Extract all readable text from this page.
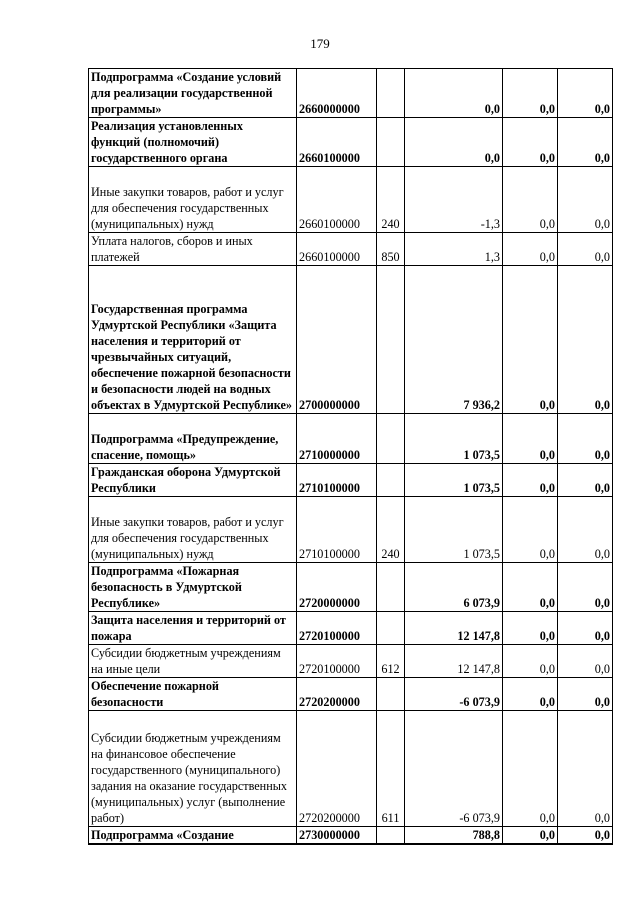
179
Подпрограмма «Создание условий для реализации государственной программы»	2660000000		0,0	0,0	0,0
Реализация установленных функций (полномочий) государственного органа	2660100000		0,0	0,0	0,0
Иные закупки товаров, работ и услуг для обеспечения государственных (муниципальных) нужд	2660100000	240	-1,3	0,0	0,0
Уплата налогов, сборов и иных платежей	2660100000	850	1,3	0,0	0,0
Государственная программа Удмуртской Республики «Защита населения и территорий от чрезвычайных ситуаций, обеспечение пожарной безопасности и безопасности людей на водных объектах в Удмуртской Республике»	2700000000		7 936,2	0,0	0,0
Подпрограмма «Предупреждение, спасение, помощь»	2710000000		1 073,5	0,0	0,0
Гражданская оборона Удмуртской Республики	2710100000		1 073,5	0,0	0,0
Иные закупки товаров, работ и услуг для обеспечения государственных (муниципальных) нужд	2710100000	240	1 073,5	0,0	0,0
Подпрограмма «Пожарная безопасность в Удмуртской Республике»	2720000000		6 073,9	0,0	0,0
Защита населения и территорий от пожара	2720100000		12 147,8	0,0	0,0
Субсидии бюджетным учреждениям на иные цели	2720100000	612	12 147,8	0,0	0,0
Обеспечение пожарной безопасности	2720200000		-6 073,9	0,0	0,0
Субсидии бюджетным учреждениям на финансовое обеспечение государственного (муниципального) задания на оказание государственных (муниципальных) услуг (выполнение работ)	2720200000	611	-6 073,9	0,0	0,0
Подпрограмма «Создание	2730000000		788,8	0,0	0,0
